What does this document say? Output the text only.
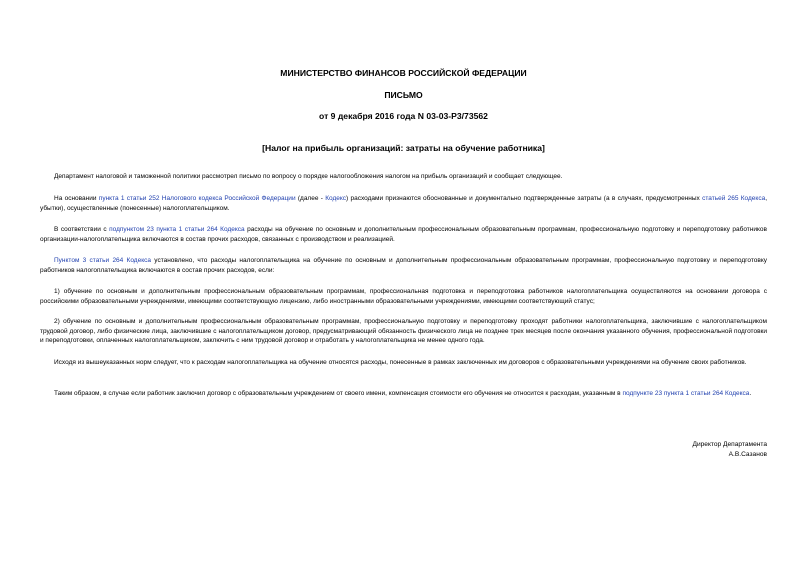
МИНИСТЕРСТВО ФИНАНСОВ РОССИЙСКОЙ ФЕДЕРАЦИИ
ПИСЬМО
от 9 декабря 2016 года N 03-03-Р3/73562
[Налог на прибыль организаций: затраты на обучение работника]
Департамент налоговой и таможенной политики рассмотрел письмо по вопросу о порядке налогообложения налогом на прибыль организаций и сообщает следующее.
На основании пункта 1 статьи 252 Налогового кодекса Российской Федерации (далее - Кодекс) расходами признаются обоснованные и документально подтвержденные затраты (а в случаях, предусмотренных статьей 265 Кодекса, убытки), осуществленные (понесенные) налогоплательщиком.
В соответствии с подпунктом 23 пункта 1 статьи 264 Кодекса расходы на обучение по основным и дополнительным профессиональным образовательным программам, профессиональную подготовку и переподготовку работников организации-налогоплательщика включаются в состав прочих расходов, связанных с производством и реализацией.
Пунктом 3 статьи 264 Кодекса установлено, что расходы налогоплательщика на обучение по основным и дополнительным профессиональным образовательным программам, профессиональную подготовку и переподготовку работников налогоплательщика включаются в состав прочих расходов, если:
1) обучение по основным и дополнительным профессиональным образовательным программам, профессиональная подготовка и переподготовка работников налогоплательщика осуществляются на основании договора с российскими образовательными учреждениями, имеющими соответствующую лицензию, либо иностранными образовательными учреждениями, имеющими соответствующий статус;
2) обучение по основным и дополнительным профессиональным образовательным программам, профессиональную подготовку и переподготовку проходят работники налогоплательщика, заключившие с налогоплательщиком трудовой договор, либо физические лица, заключившие с налогоплательщиком договор, предусматривающий обязанность физического лица не позднее трех месяцев после окончания указанного обучения, профессиональной подготовки и переподготовки, оплаченных налогоплательщиком, заключить с ним трудовой договор и отработать у налогоплательщика не менее одного года.
Исходя из вышеуказанных норм следует, что к расходам налогоплательщика на обучение относятся расходы, понесенные в рамках заключенных им договоров с образовательными учреждениями на обучение своих работников.
Таким образом, в случае если работник заключил договор с образовательным учреждением от своего имени, компенсация стоимости его обучения не относится к расходам, указанным в подпункте 23 пункта 1 статьи 264 Кодекса.
Директор Департамента
А.В.Сазанов
